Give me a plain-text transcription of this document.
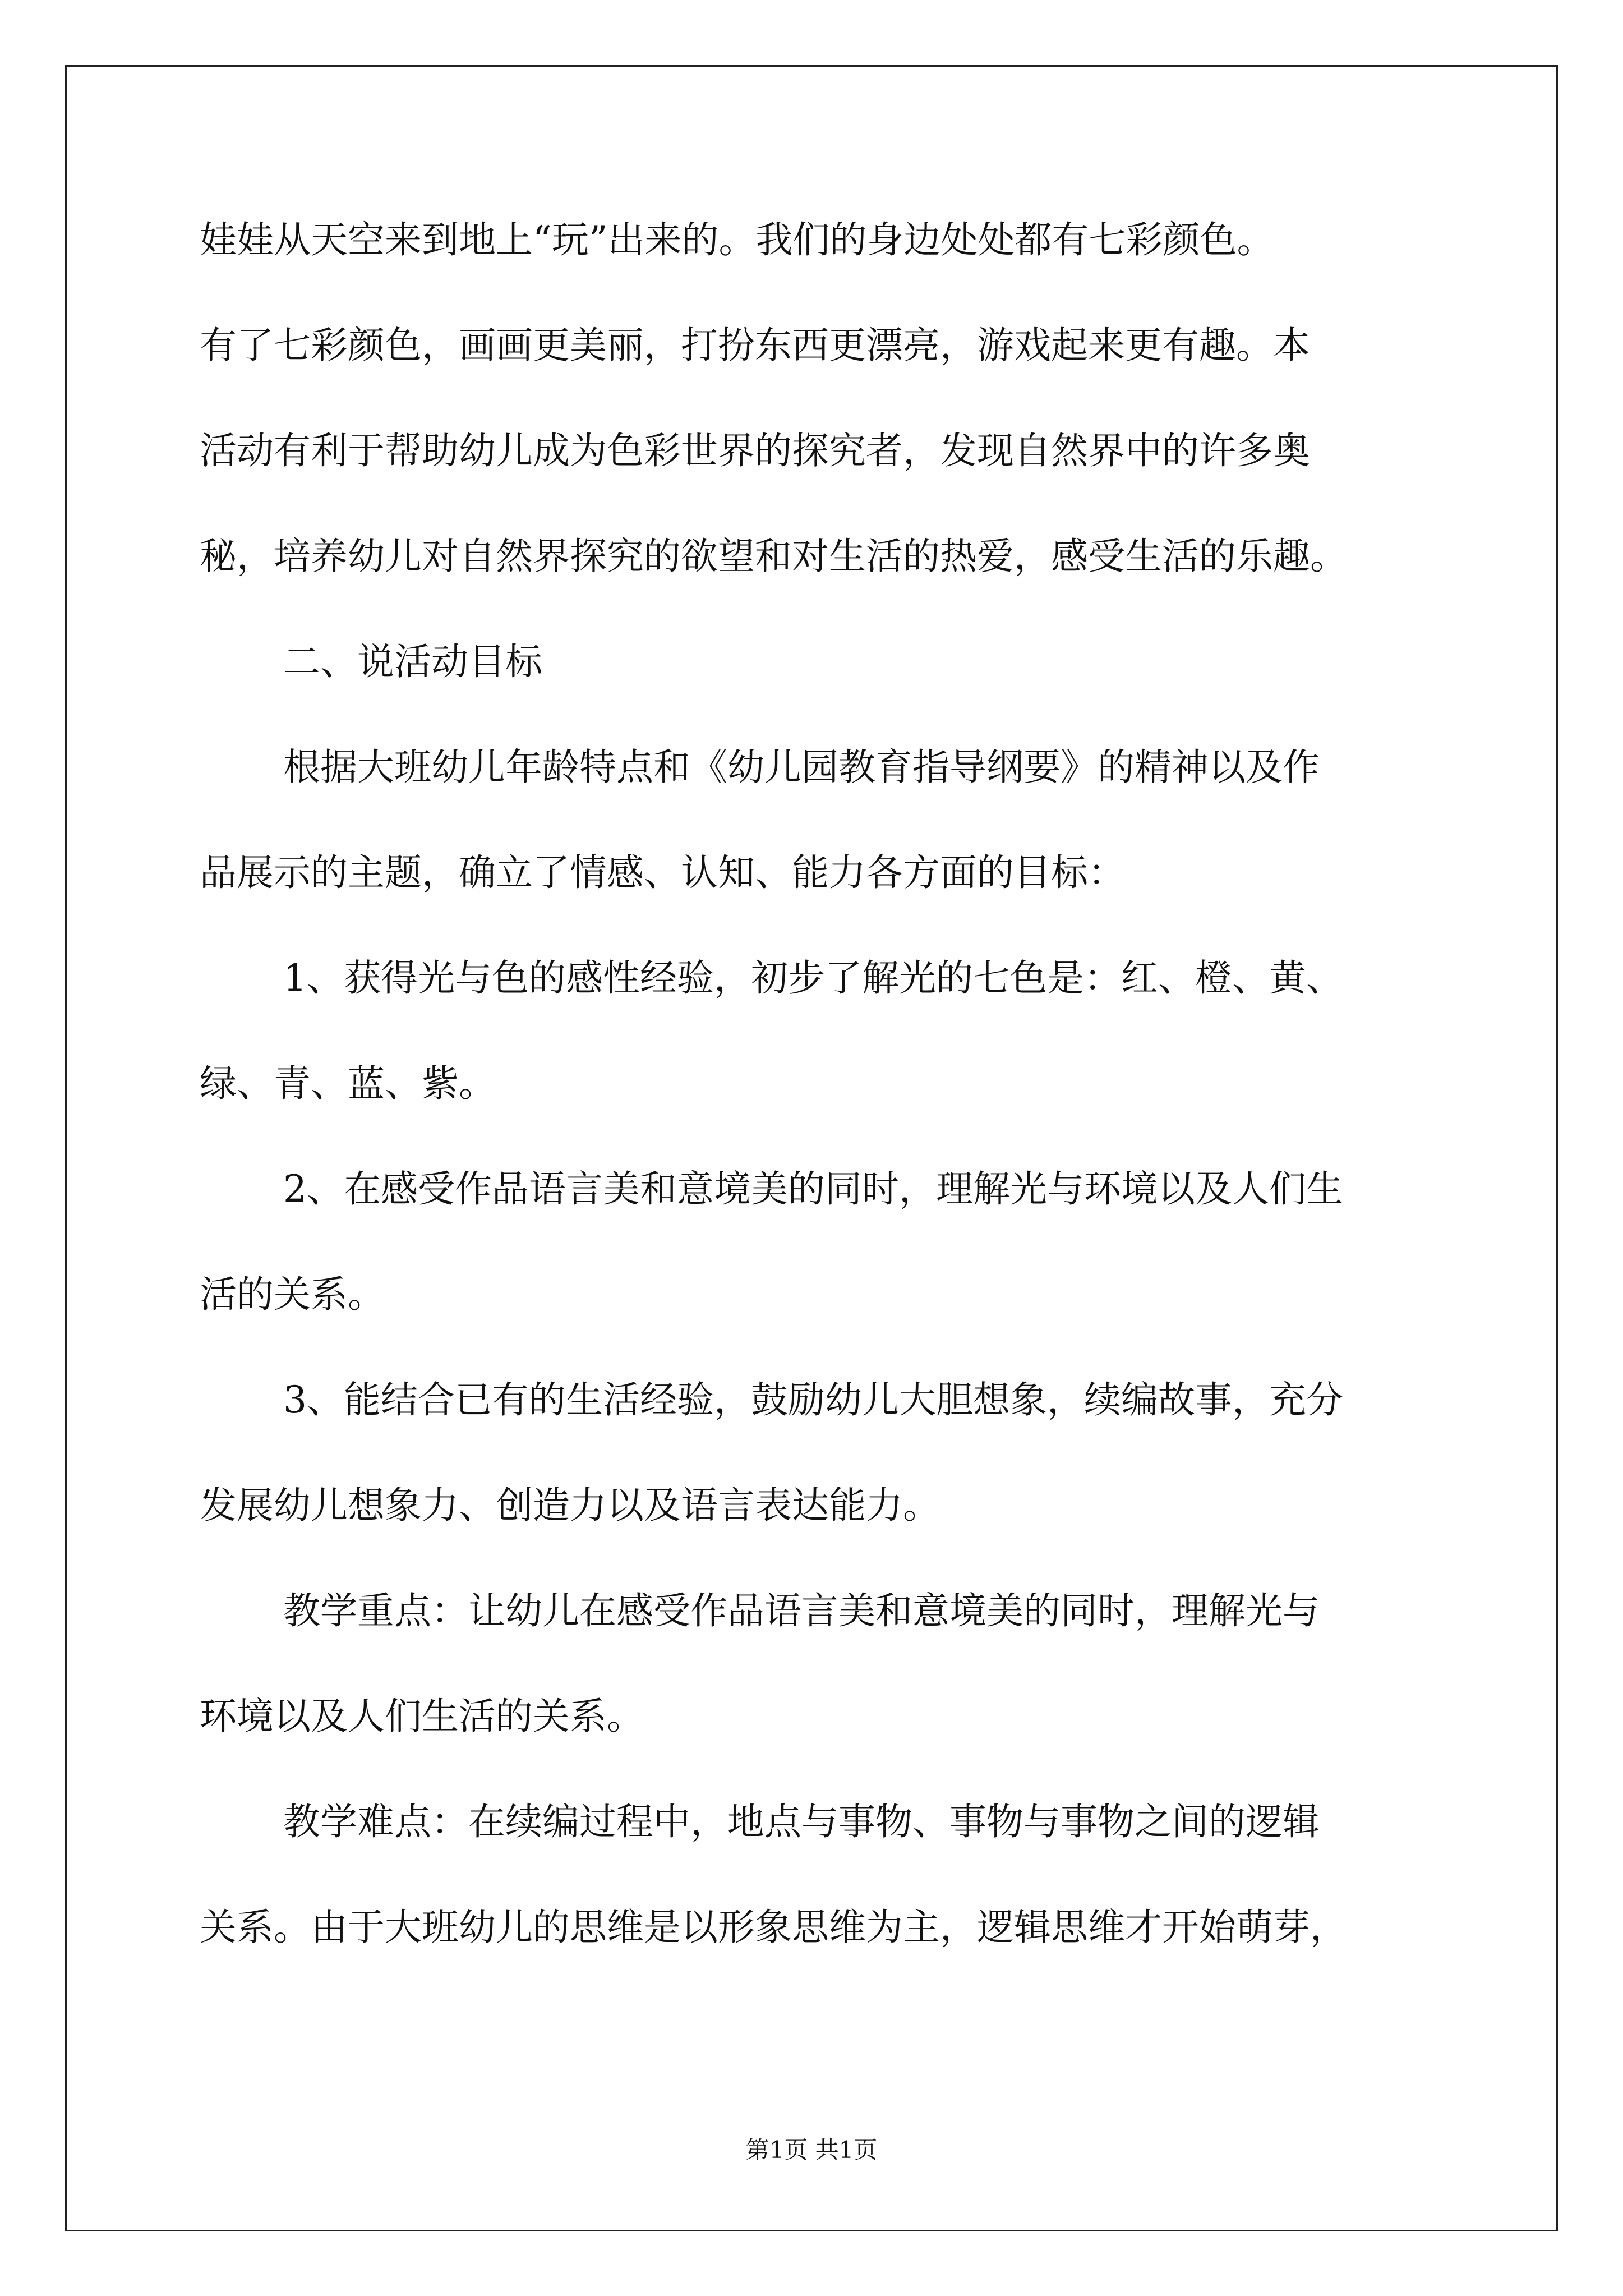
娃娃从天空来到地上“玩”出来的。我们的身边处处都有七彩颜色。
有了七彩颜色，画画更美丽，打扮东西更漂亮，游戏起来更有趣。本
活动有利于帮助幼儿成为色彩世界的探究者，发现自然界中的许多奥
秘，培养幼儿对自然界探究的欲望和对生活的热爱，感受生活的乐趣。
二、说活动目标
根据大班幼儿年龄特点和《幼儿园教育指导纲要》的精神以及作
品展示的主题，确立了情感、认知、能力各方面的目标：
1、获得光与色的感性经验，初步了解光的七色是：红、橙、黄、
绿、青、蓝、紫。
2、在感受作品语言美和意境美的同时，理解光与环境以及人们生
活的关系。
3、能结合已有的生活经验，鼓励幼儿大胆想象，续编故事，充分
发展幼儿想象力、创造力以及语言表达能力。
教学重点：让幼儿在感受作品语言美和意境美的同时，理解光与
环境以及人们生活的关系。
教学难点：在续编过程中，地点与事物、事物与事物之间的逻辑
关系。由于大班幼儿的思维是以形象思维为主，逻辑思维才开始萌芽，
第1页 共1页
